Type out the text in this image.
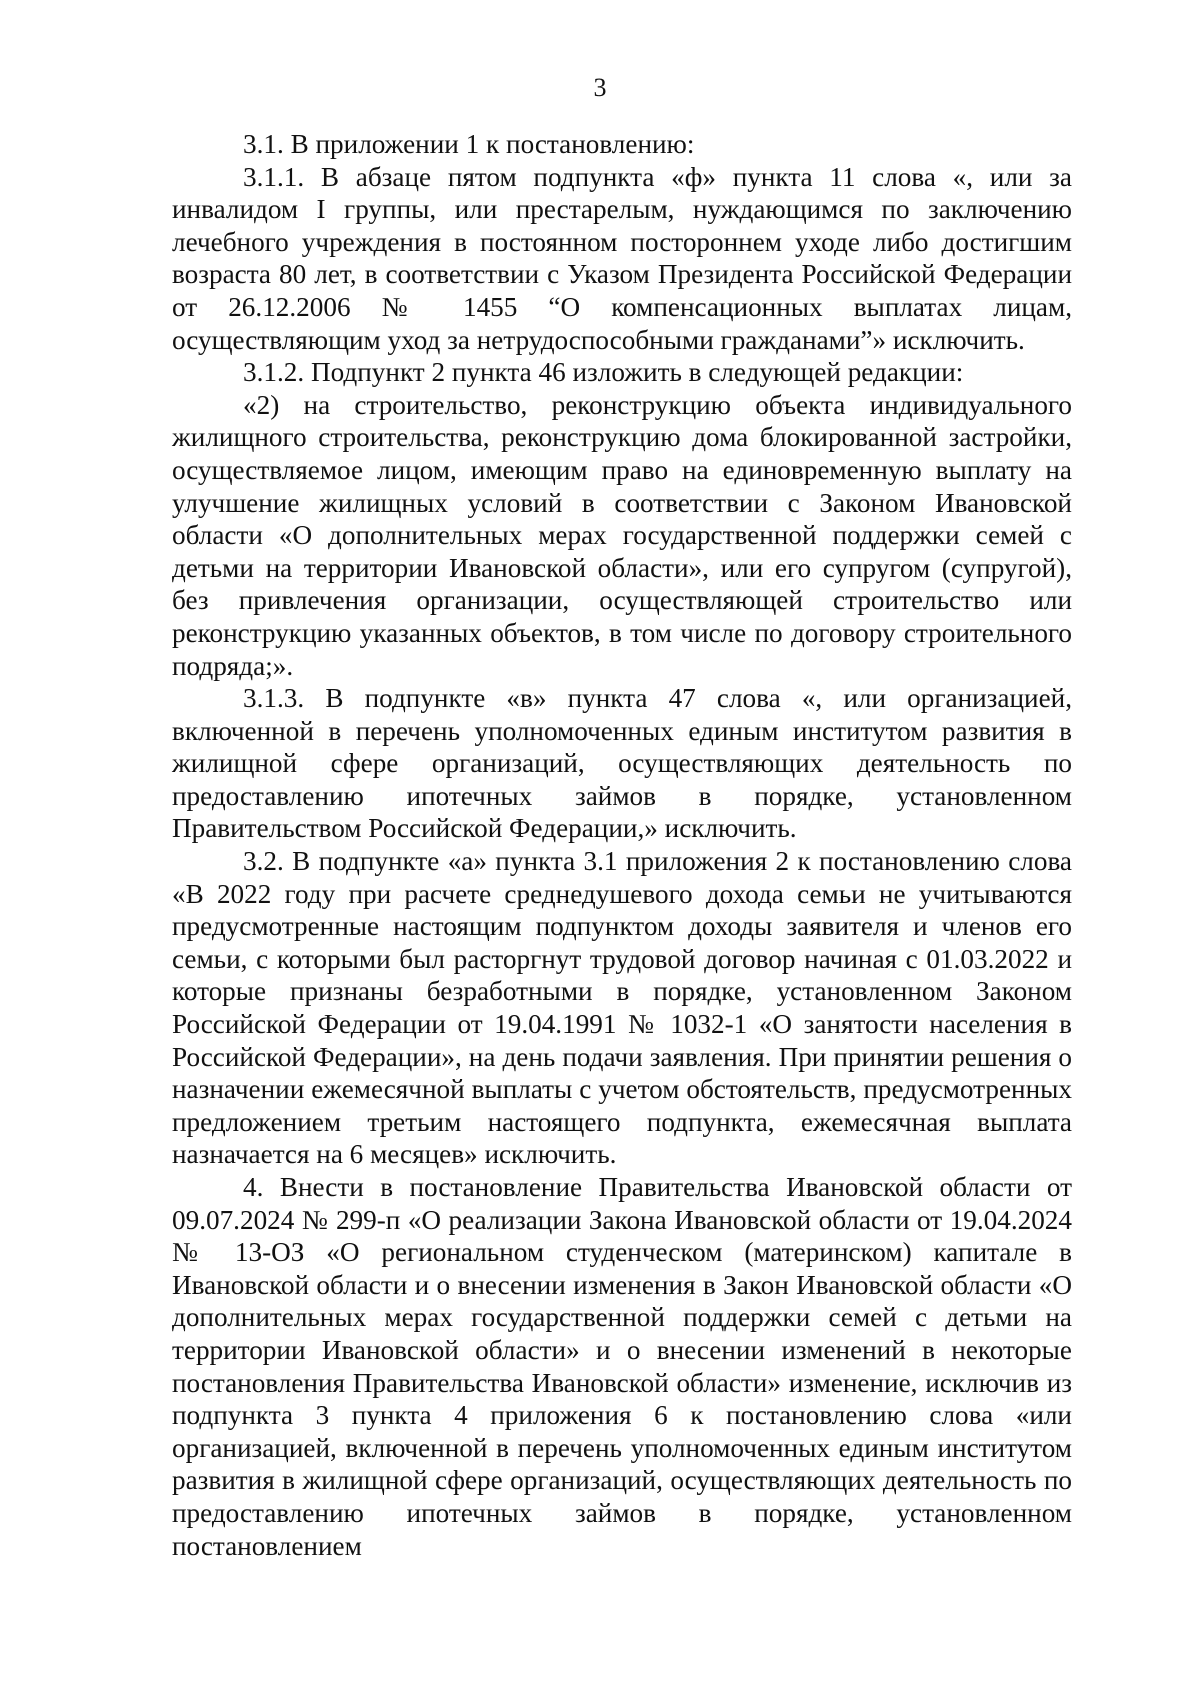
3

3.1. В приложении 1 к постановлению:

3.1.1. В абзаце пятом подпункта «ф» пункта 11 слова «, или за инвалидом I группы, или престарелым, нуждающимся по заключению лечебного учреждения в постоянном постороннем уходе либо достигшим возраста 80 лет, в соответствии с Указом Президента Российской Федерации от 26.12.2006 № 1455 “О компенсационных выплатах лицам, осуществляющим уход за нетрудоспособными гражданами”» исключить.

3.1.2. Подпункт 2 пункта 46 изложить в следующей редакции:

«2) на строительство, реконструкцию объекта индивидуального жилищного строительства, реконструкцию дома блокированной застройки, осуществляемое лицом, имеющим право на единовременную выплату на улучшение жилищных условий в соответствии с Законом Ивановской области «О дополнительных мерах государственной поддержки семей с детьми на территории Ивановской области», или его супругом (супругой), без привлечения организации, осуществляющей строительство или реконструкцию указанных объектов, в том числе по договору строительного подряда;».

3.1.3. В подпункте «в» пункта 47 слова «, или организацией, включенной в перечень уполномоченных единым институтом развития в жилищной сфере организаций, осуществляющих деятельность по предоставлению ипотечных займов в порядке, установленном Правительством Российской Федерации,» исключить.

3.2. В подпункте «а» пункта 3.1 приложения 2 к постановлению слова «В 2022 году при расчете среднедушевого дохода семьи не учитываются предусмотренные настоящим подпунктом доходы заявителя и членов его семьи, с которыми был расторгнут трудовой договор начиная с 01.03.2022 и которые признаны безработными в порядке, установленном Законом Российской Федерации от 19.04.1991 № 1032-1 «О занятости населения в Российской Федерации», на день подачи заявления. При принятии решения о назначении ежемесячной выплаты с учетом обстоятельств, предусмотренных предложением третьим настоящего подпункта, ежемесячная выплата назначается на 6 месяцев» исключить.

4. Внести в постановление Правительства Ивановской области от 09.07.2024 № 299-п «О реализации Закона Ивановской области от 19.04.2024 № 13-ОЗ «О региональном студенческом (материнском) капитале в Ивановской области и о внесении изменения в Закон Ивановской области «О дополнительных мерах государственной поддержки семей с детьми на территории Ивановской области» и о внесении изменений в некоторые постановления Правительства Ивановской области» изменение, исключив из подпункта 3 пункта 4 приложения 6 к постановлению слова «или организацией, включенной в перечень уполномоченных единым институтом развития в жилищной сфере организаций, осуществляющих деятельность по предоставлению ипотечных займов в порядке, установленном постановлением
